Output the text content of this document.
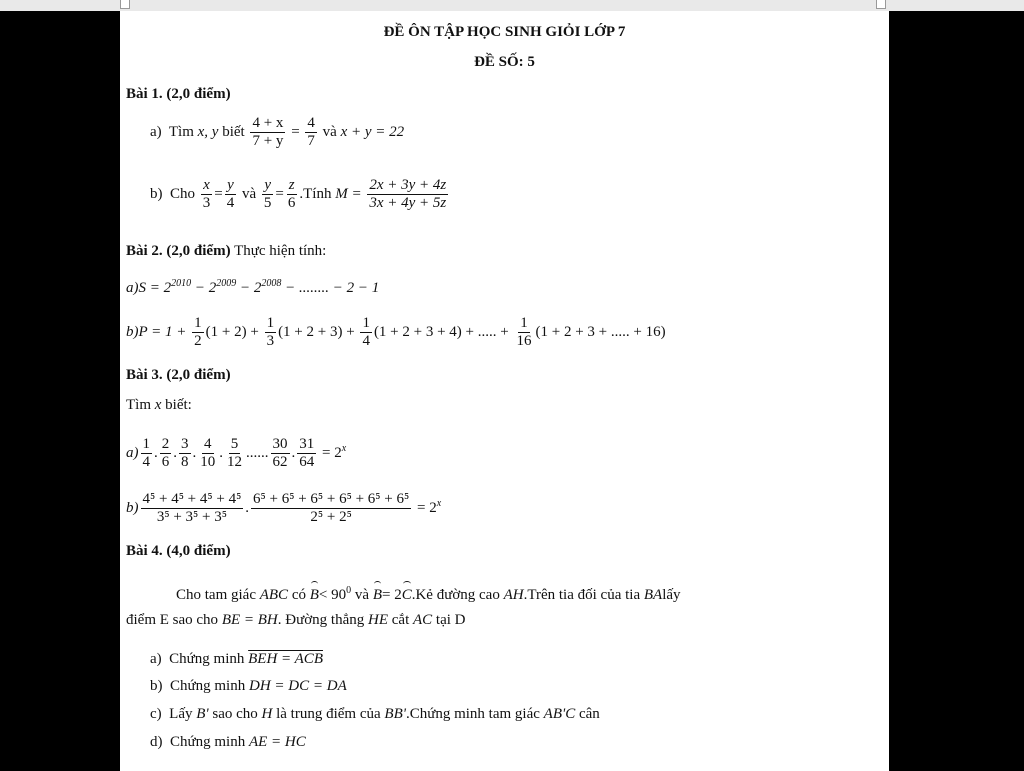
ĐỀ ÔN TẬP HỌC SINH GIỎI LỚP 7
ĐỀ SỐ: 5
Bài 1. (2,0 điểm)
a) Tìm x, y biết $\frac{4 + x}{7 + y} = \frac{4}{7}$ và x + y = 22
b) Cho $\frac{x}{3} = \frac{y}{4}$ và $\frac{y}{5} = \frac{z}{6}$ .Tính $M = \frac{2x + 3y + 4z}{3x + 4y + 5z}$
Bài 2. (2,0 điểm) Thực hiện tính:
$a)S = 2^{2010} - 2^{2009} - 2^{2008}$ − ........ − 2 − 1
$b)P = 1 + \frac{1}{2} (1 + 2) + \frac{1}{3} (1 + 2 + 3) + \frac{1}{4} (1 + 2 + 3 + 4)$ + ..... + $\frac{1}{16} (1 + 2 + 3$ + ..... + 16)
Bài 3. (2,0 điểm)
Tìm x biết:
$a) \frac{1}{4}$ . $\frac{2}{6}$ . $\frac{3}{8}$ . $\frac{4}{10}$ . $\frac{5}{12}$ ...... $\frac{30}{62}$ . $\frac{31}{64} = 2^x$
$b) \frac{\text{4⁵ + 4⁵ + 4⁵ + 4⁵}}{\text{3⁵ + 3⁵ + 3⁵}}$ . $\frac{\text{6⁵ + 6⁵ + 6⁵ + 6⁵ + 6⁵ + 6⁵}}{\text{2⁵ + 2⁵}} = 2^x$
Bài 4. (4,0 điểm)
Cho tam giác ABC có $B< 90^0$ và B= 2C.Kẻ đường cao AH.Trên tia đối của tia BAlấy
điểm E sao cho BE = BH. Đường thẳng HE cắt AC tại D
a) Chứng minh BEH = ACB
b) Chứng minh DH = DC = DA
c) Lấy B' sao cho H là trung điểm của BB'.Chứng minh tam giác AB'C cân
d) Chứng minh AE = HC
